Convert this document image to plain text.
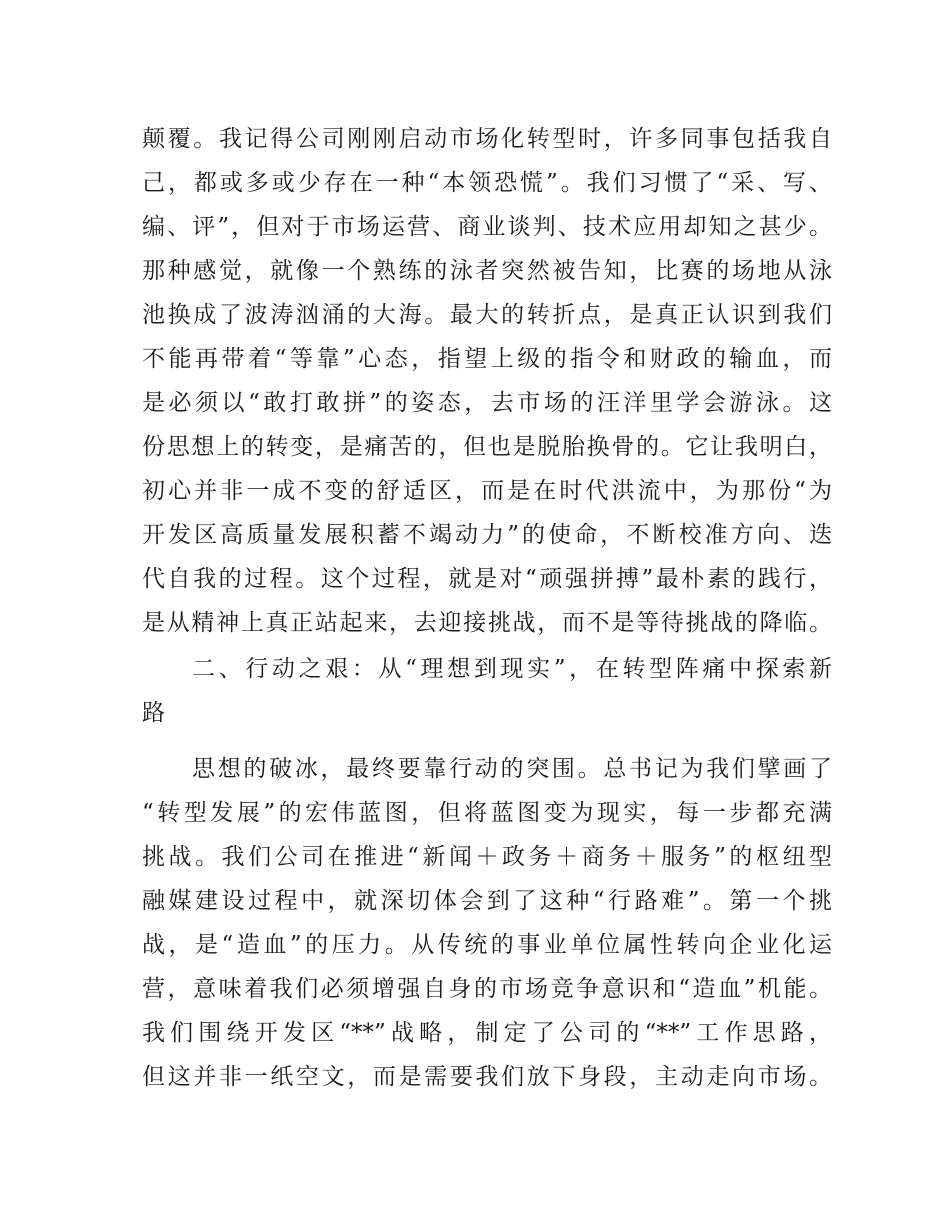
颠覆。我记得公司刚刚启动市场化转型时，许多同事包括我自
己，都或多或少存在一种“本领恐慌”。我们习惯了“采、写、
编、评”，但对于市场运营、商业谈判、技术应用却知之甚少。
那种感觉，就像一个熟练的泳者突然被告知，比赛的场地从泳
池换成了波涛汹涌的大海。最大的转折点，是真正认识到我们
不能再带着“等靠”心态，指望上级的指令和财政的输血，而
是必须以“敢打敢拼”的姿态，去市场的汪洋里学会游泳。这
份思想上的转变，是痛苦的，但也是脱胎换骨的。它让我明白，
初心并非一成不变的舒适区，而是在时代洪流中，为那份“为
开发区高质量发展积蓄不竭动力”的使命，不断校准方向、迭
代自我的过程。这个过程，就是对“顽强拼搏”最朴素的践行，
是从精神上真正站起来，去迎接挑战，而不是等待挑战的降临。
二、行动之艰：从“理想到现实”，在转型阵痛中探索新
路
思想的破冰，最终要靠行动的突围。总书记为我们擘画了
“转型发展”的宏伟蓝图，但将蓝图变为现实，每一步都充满
挑战。我们公司在推进“新闻＋政务＋商务＋服务”的枢纽型
融媒建设过程中，就深切体会到了这种“行路难”。第一个挑
战，是“造血”的压力。从传统的事业单位属性转向企业化运
营，意味着我们必须增强自身的市场竞争意识和“造血”机能。
我们围绕开发区“**”战略，制定了公司的“**”工作思路，
但这并非一纸空文，而是需要我们放下身段，主动走向市场。
